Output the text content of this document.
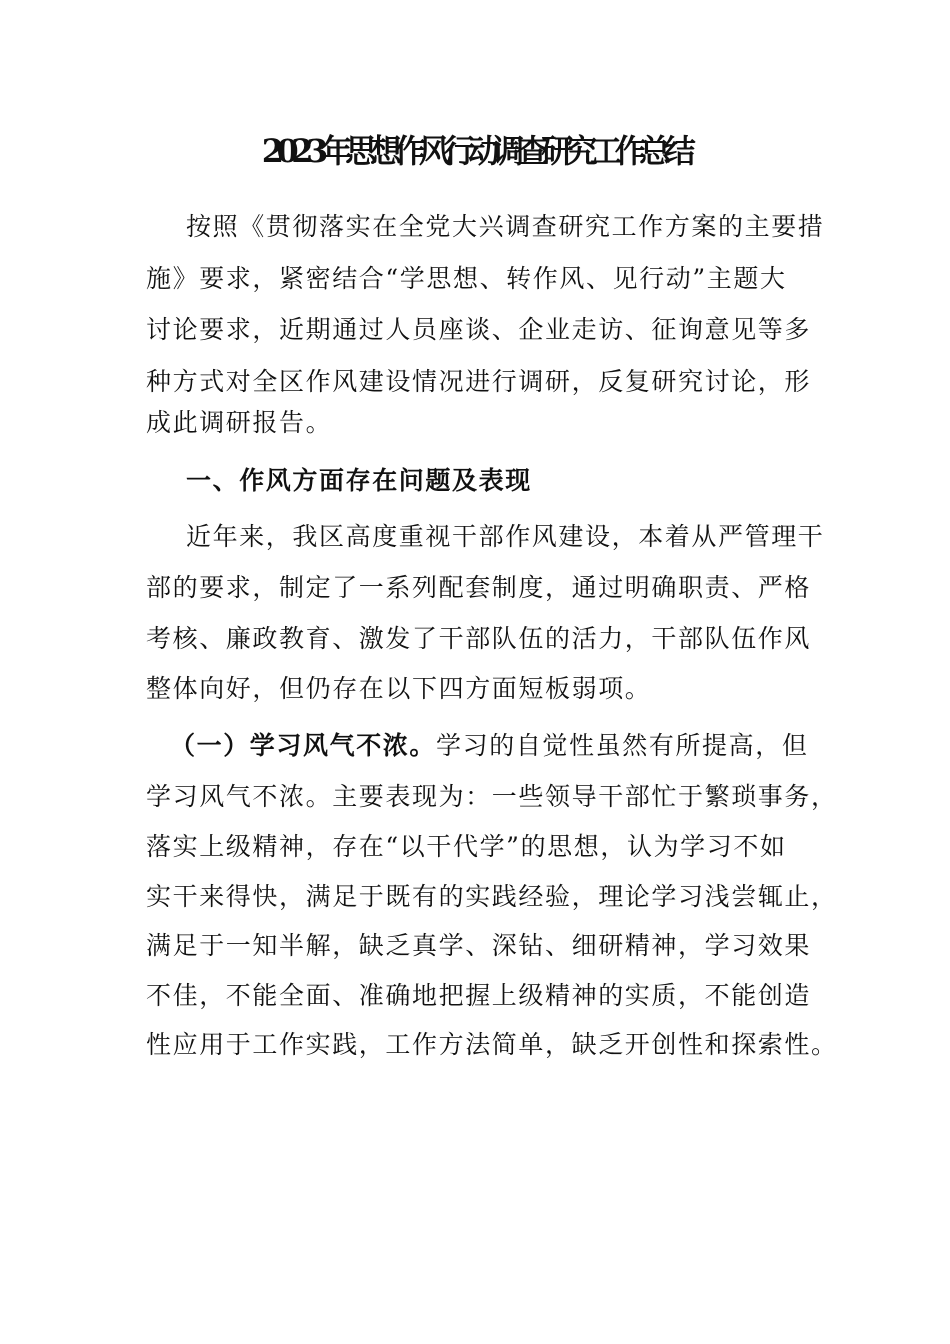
2023年思想作风行动调查研究工作总结
按照《贯彻落实在全党大兴调查研究工作方案的主要措
施》要求，紧密结合“学思想、转作风、见行动”主题大
讨论要求，近期通过人员座谈、企业走访、征询意见等多
种方式对全区作风建设情况进行调研，反复研究讨论，形
成此调研报告。
一、作风方面存在问题及表现
近年来，我区高度重视干部作风建设，本着从严管理干
部的要求，制定了一系列配套制度，通过明确职责、严格
考核、廉政教育、激发了干部队伍的活力，干部队伍作风
整体向好，但仍存在以下四方面短板弱项。
（一）学习风气不浓。学习的自觉性虽然有所提高，但
学习风气不浓。主要表现为：一些领导干部忙于繁琐事务，
落实上级精神，存在“以干代学”的思想，认为学习不如
实干来得快，满足于既有的实践经验，理论学习浅尝辄止，
满足于一知半解，缺乏真学、深钻、细研精神，学习效果
不佳，不能全面、准确地把握上级精神的实质，不能创造
性应用于工作实践，工作方法简单，缺乏开创性和探索性。
